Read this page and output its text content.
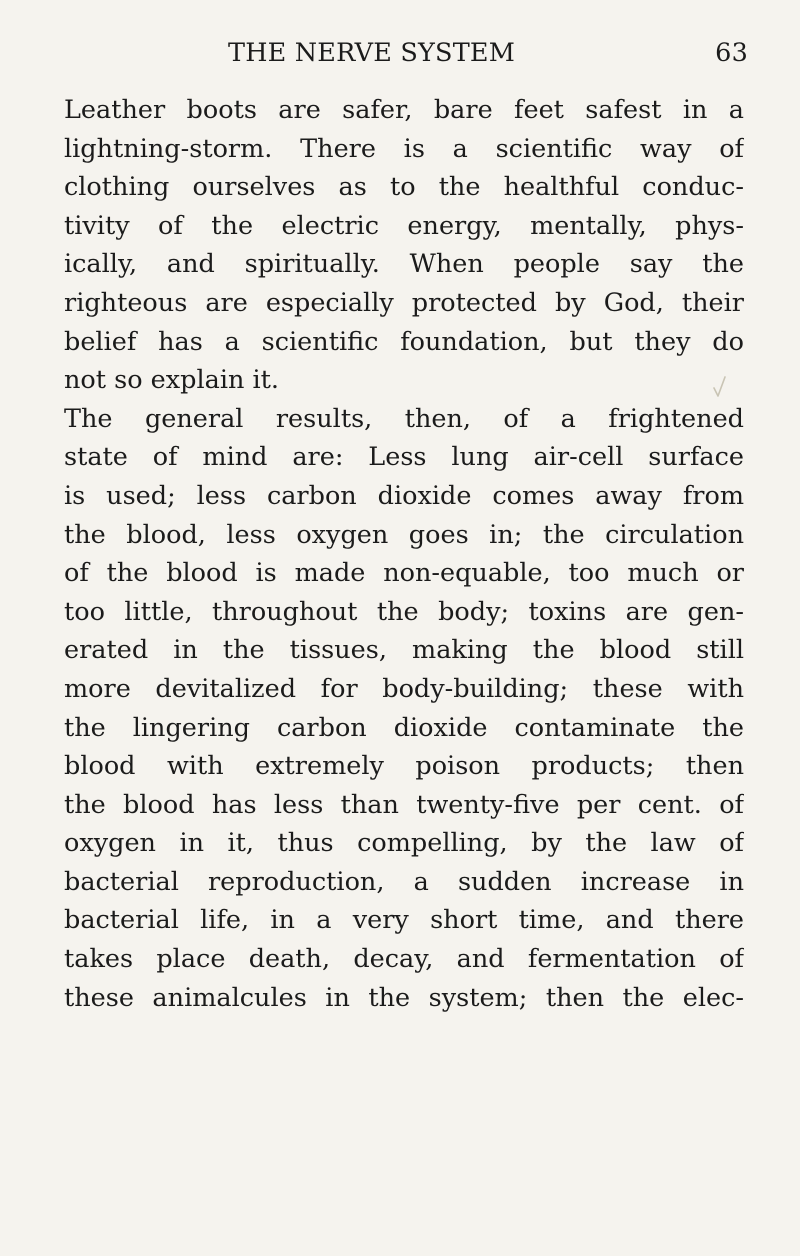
THE NERVE SYSTEM	63
Leather boots are safer, bare feet safest in a
lightning-storm. There is a scientific way of
clothing ourselves as to the healthful conduc-
tivity of the electric energy, mentally, phys-
ically, and spiritually. When people say the
righteous are especially protected by God, their
belief has a scientific foundation, but they do
not so explain it.
The general results, then, of a frightened
state of mind are: Less lung air-cell surface
is used; less carbon dioxide comes away from
the blood, less oxygen goes in; the circulation
of the blood is made non-equable, too much or
too little, throughout the body; toxins are gen-
erated in the tissues, making the blood still
more devitalized for body-building; these with
the lingering carbon dioxide contaminate the
blood with extremely poison products; then
the blood has less than twenty-five per cent. of
oxygen in it, thus compelling, by the law of
bacterial reproduction, a sudden increase in
bacterial life, in a very short time, and there
takes place death, decay, and fermentation of
these animalcules in the system; then the elec-
